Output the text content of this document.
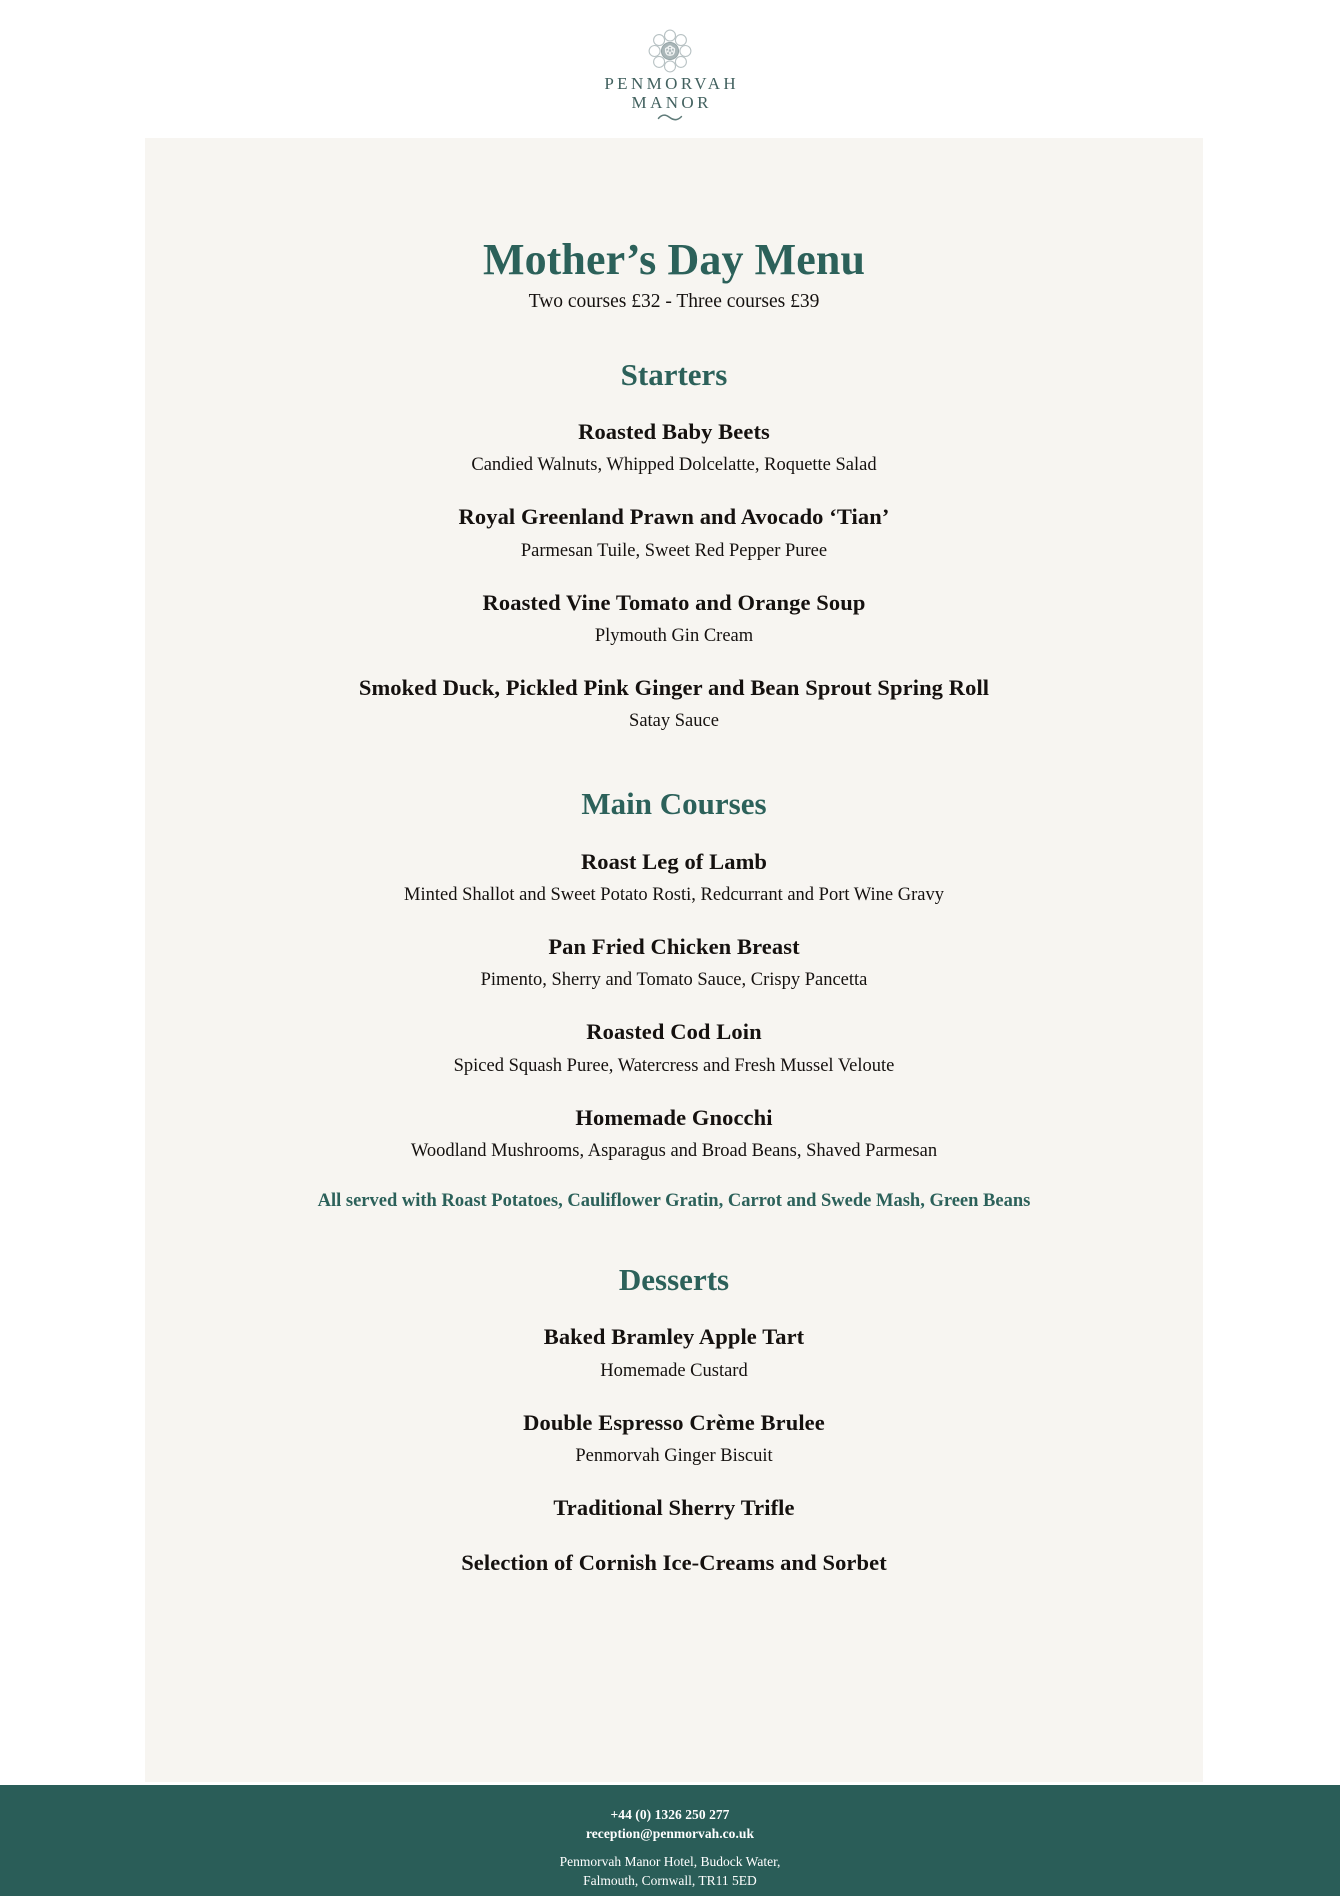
PENMORVAH
MANOR
Mother’s Day Menu

Two courses £32 - Three courses £39

Starters

Roasted Baby Beets

Candied Walnuts, Whipped Dolcelatte, Roquette Salad

Royal Greenland Prawn and Avocado ‘Tian’

Parmesan Tuile, Sweet Red Pepper Puree

Roasted Vine Tomato and Orange Soup

Plymouth Gin Cream

Smoked Duck, Pickled Pink Ginger and Bean Sprout Spring Roll

Satay Sauce

Main Courses

Roast Leg of Lamb

Minted Shallot and Sweet Potato Rosti, Redcurrant and Port Wine Gravy

Pan Fried Chicken Breast

Pimento, Sherry and Tomato Sauce, Crispy Pancetta

Roasted Cod Loin

Spiced Squash Puree, Watercress and Fresh Mussel Veloute

Homemade Gnocchi

Woodland Mushrooms, Asparagus and Broad Beans, Shaved Parmesan

All served with Roast Potatoes, Cauliflower Gratin, Carrot and Swede Mash, Green Beans

Desserts

Baked Bramley Apple Tart

Homemade Custard

Double Espresso Crème Brulee

Penmorvah Ginger Biscuit

Traditional Sherry Trifle

Selection of Cornish Ice-Creams and Sorbet

+44 (0) 1326 250 277
reception@penmorvah.co.uk
Penmorvah Manor Hotel, Budock Water,
Falmouth, Cornwall, TR11 5ED
